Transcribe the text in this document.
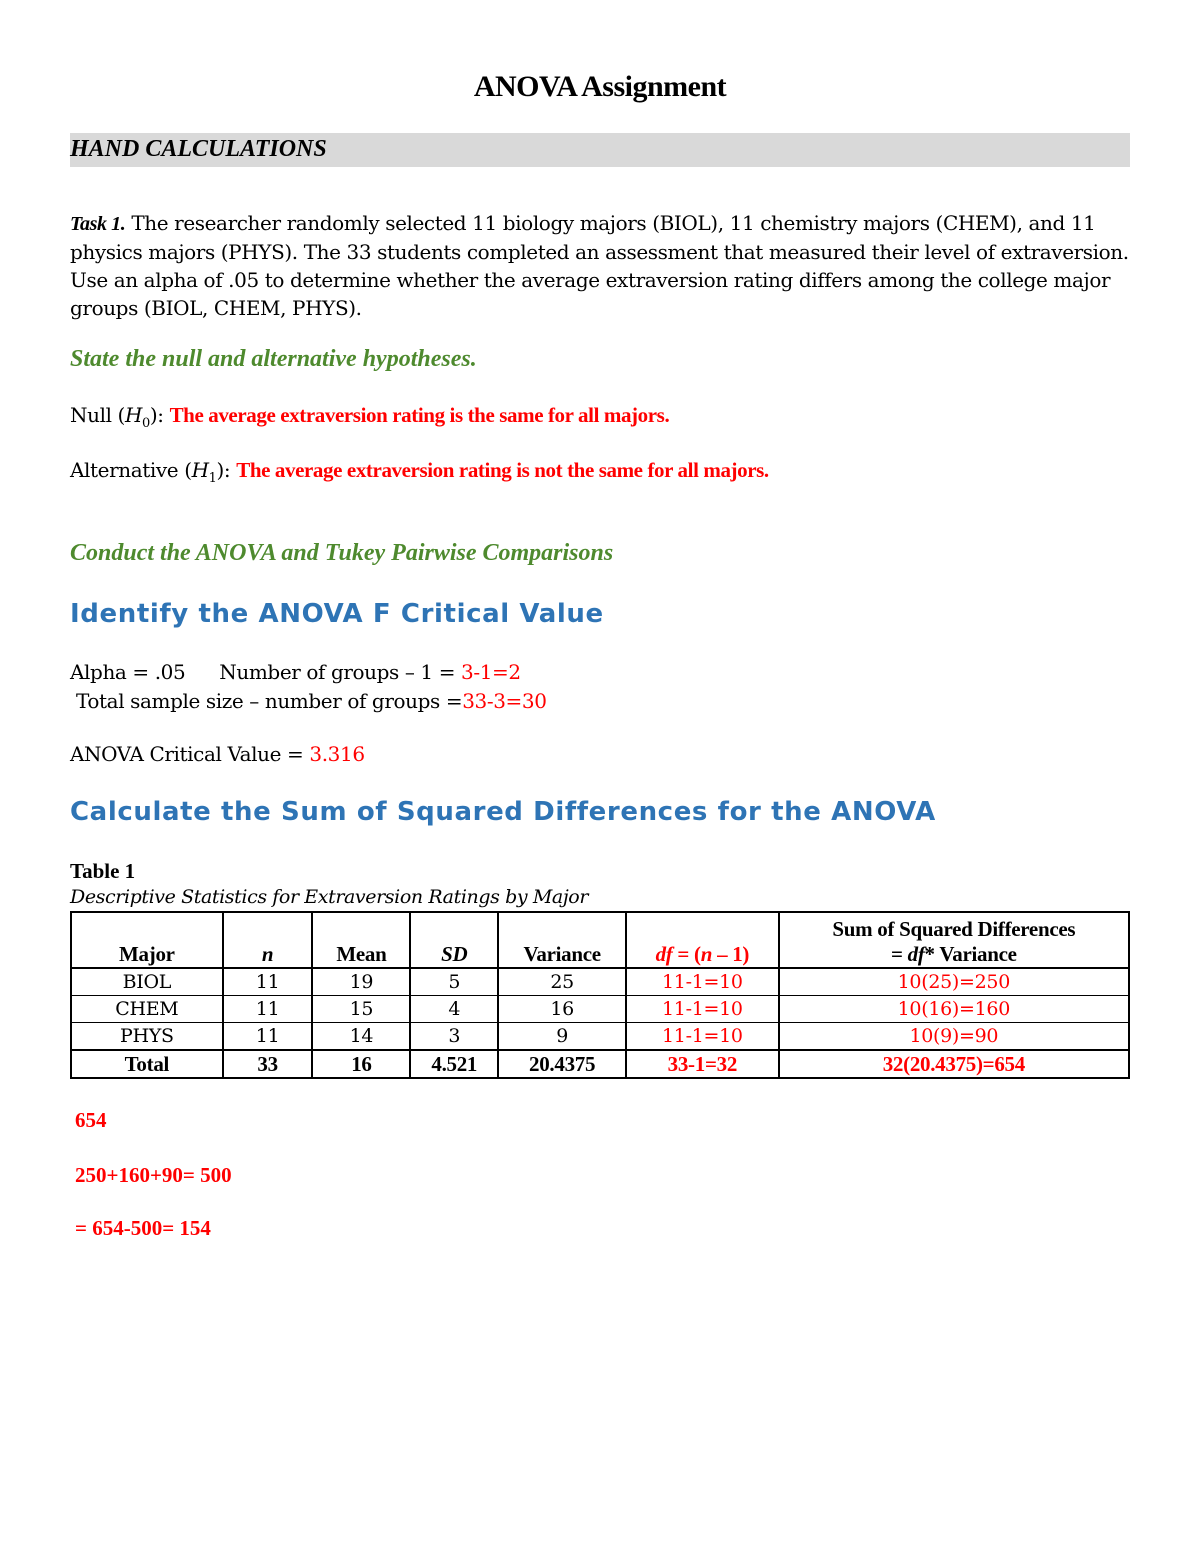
ANOVA Assignment
HAND CALCULATIONS
Task 1. The researcher randomly selected 11 biology majors (BIOL), 11 chemistry majors (CHEM), and 11 physics majors (PHYS). The 33 students completed an assessment that measured their level of extraversion. Use an alpha of .05 to determine whether the average extraversion rating differs among the college major groups (BIOL, CHEM, PHYS).
State the null and alternative hypotheses.
Null $(H_0)$: The average extraversion rating is the same for all majors.
Alternative $(H_1)$: The average extraversion rating is not the same for all majors.
Conduct the ANOVA and Tukey Pairwise Comparisons
Identify the ANOVA F Critical Value
Alpha = .05 Number of groups – 1 = 3-1=2
Total sample size – number of groups =33-3=30
ANOVA Critical Value = 3.316
Calculate the Sum of Squared Differences for the ANOVA
Table 1
Descriptive Statistics for Extraversion Ratings by Major
Major	n	Mean	SD	Variance	df = (n – 1)	Sum of Squared Differences
= df* Variance
BIOL	11	19	5	25	11-1=10	10(25)=250
CHEM	11	15	4	16	11-1=10	10(16)=160
PHYS	11	14	3	9	11-1=10	10(9)=90
Total	33	16	4.521	20.4375	33-1=32	32(20.4375)=654
654
250+160+90= 500
= 654-500= 154
